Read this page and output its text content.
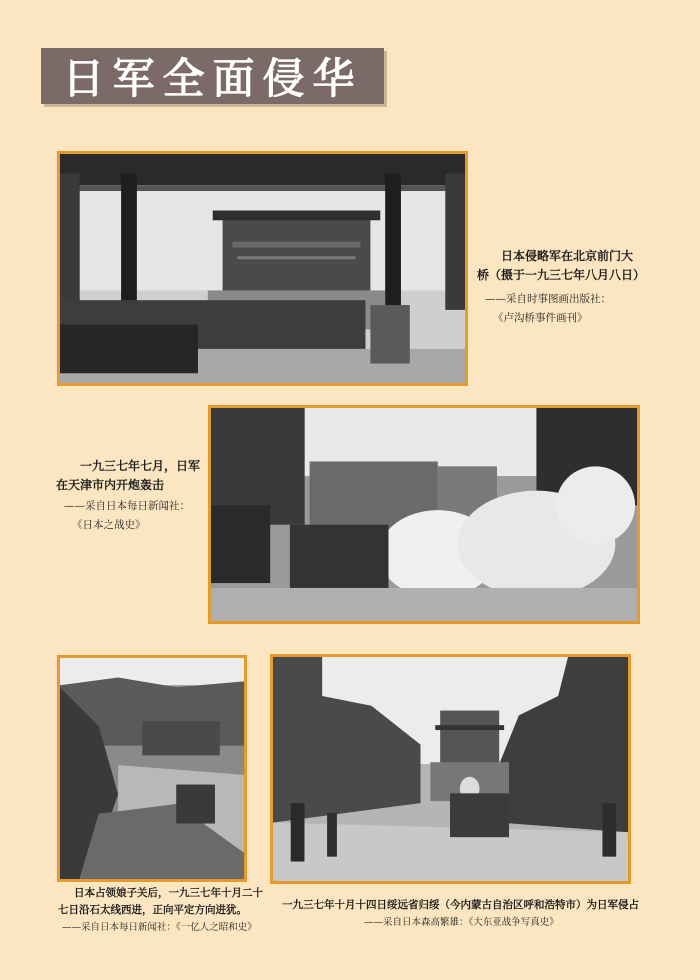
日军全面侵华
日本侵略军在北京前门大
桥（摄于一九三七年八月八日）
——采自时事图画出版社：
《卢沟桥事件画刊》
一九三七年七月，日军
在天津市内开炮轰击
——采自日本每日新闻社：
《日本之战史》
日本占领娘子关后，一九三七年十月二十
七日沿石太线西进，正向平定方向进犹。
——采自日本每日新闻社：《一亿人之昭和史》
一九三七年十月十四日绥远省归绥（今内蒙古自治区呼和浩特市）为日军侵占
——采自日本森高繁雄：《大东亚战争写真史》
